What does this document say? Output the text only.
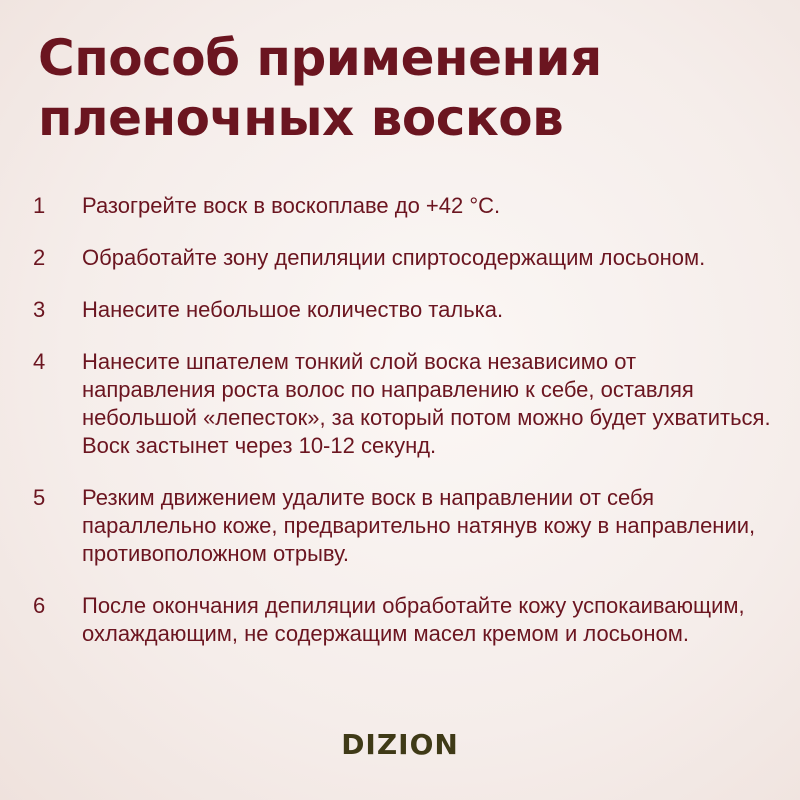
Способ применения
пленочных восков
1 Разогрейте воск в воскоплаве до +42 °C.
2 Обработайте зону депиляции спиртосодержащим лосьоном.
3 Нанесите небольшое количество талька.
4 Нанесите шпателем тонкий слой воска независимо от направления роста волос по направлению к себе, оставляя небольшой «лепесток», за который потом можно будет ухватиться. Воск застынет через 10-12 секунд.
5 Резким движением удалите воск в направлении от себя параллельно коже, предварительно натянув кожу в направлении, противоположном отрыву.
6 После окончания депиляции обработайте кожу успокаивающим, охлаждающим, не содержащим масел кремом и лосьоном.
DIZION
